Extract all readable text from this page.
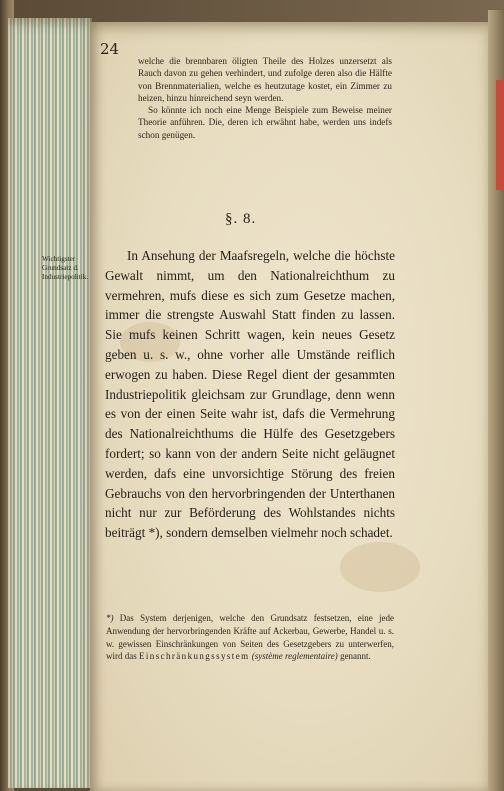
24

welche die brennbaren öligten Theile des Holzes unzersetzt als Rauch davon zu gehen verhindert, und zufolge deren also die Hälfte von Brennmaterialien, welche es heutzutage kostet, ein Zimmer zu heizen, hinzu hinreichend seyn werden.

So könnte ich noch eine Menge Beispiele zum Beweise meiner Theorie anführen. Die, deren ich erwähnt habe, werden uns indefs schon genügen.

§. 8.
Wichtigster Grundsatz d. Industriepolitik.

In Ansehung der Maafsregeln, welche die höchste Gewalt nimmt, um den Nationalreichthum zu vermehren, mufs diese es sich zum Gesetze machen, immer die strengste Auswahl Statt finden zu lassen. Sie mufs keinen Schritt wagen, kein neues Gesetz geben u. s. w., ohne vorher alle Umstände reiflich erwogen zu haben. Diese Regel dient der gesammten Industriepolitik gleichsam zur Grundlage, denn wenn es von der einen Seite wahr ist, dafs die Vermehrung des Nationalreichthums die Hülfe des Gesetzgebers fordert; so kann von der andern Seite nicht geläugnet werden, dafs eine unvorsichtige Störung des freien Gebrauchs von den hervorbringenden der Unterthanen nicht nur zur Beförderung des Wohlstandes nichts beiträgt *), sondern demselben vielmehr noch schadet.

*) Das System derjenigen, welche den Grundsatz festsetzen, eine jede Anwendung der hervorbringenden Kräfte auf Ackerbau, Gewerbe, Handel u. s. w. gewissen Einschränkungen von Seiten des Gesetzgebers zu unterwerfen, wird das Einschränkungssystem (système reglementaire) genannt.
